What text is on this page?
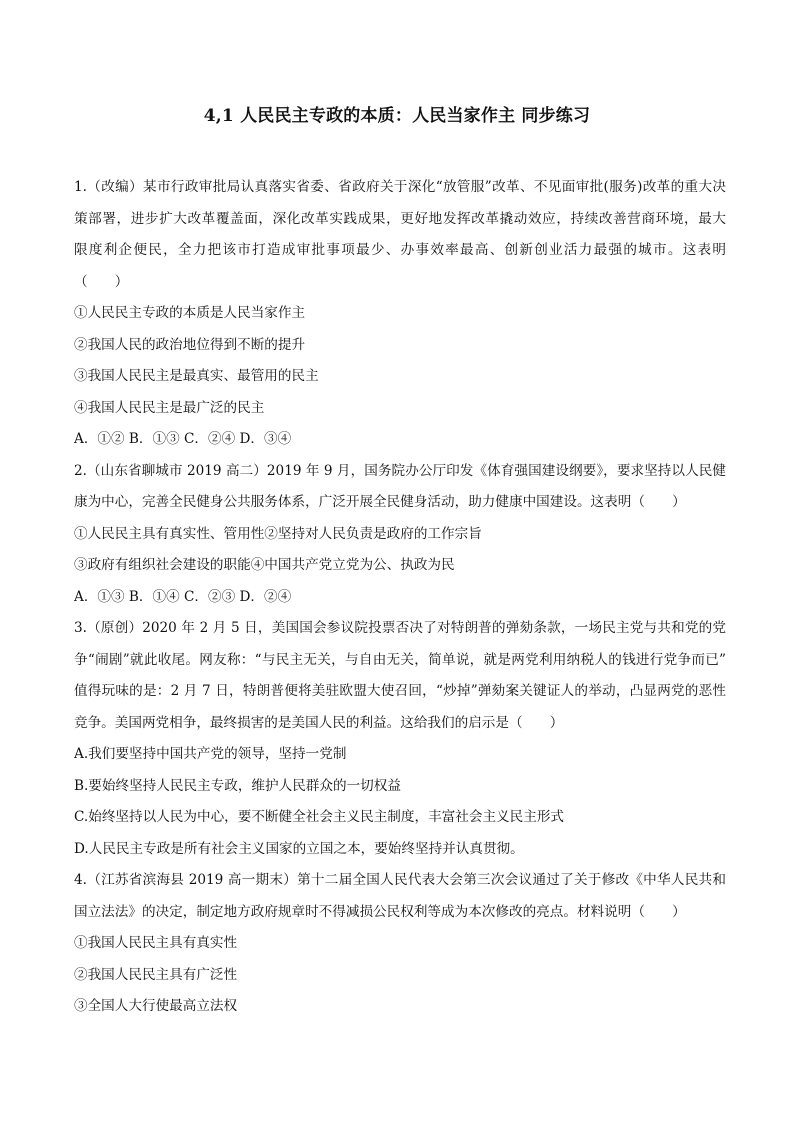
4,1 人民民主专政的本质：人民当家作主 同步练习
1.（改编）某市行政审批局认真落实省委、省政府关于深化“放管服”改革、不见面审批(服务)改革的重大决
策部署，进步扩大改革覆盖面，深化改革实践成果，更好地发挥改革撬动效应，持续改善营商环境，最大
限度利企便民，全力把该市打造成审批事项最少、办事效率最高、创新创业活力最强的城市。这表明
（　　）
①人民民主专政的本质是人民当家作主
②我国人民的政治地位得到不断的提升
③我国人民民主是最真实、最管用的民主
④我国人民民主是最广泛的民主
A．①② B．①③ C．②④ D．③④
2.（山东省聊城市 2019 高二）2019 年 9 月，国务院办公厅印发《体育强国建设纲要》，要求坚持以人民健
康为中心，完善全民健身公共服务体系，广泛开展全民健身活动，助力健康中国建设。这表明（　　）
①人民民主具有真实性、管用性②坚持对人民负责是政府的工作宗旨
③政府有组织社会建设的职能④中国共产党立党为公、执政为民
A．①③ B．①④ C．②③ D．②④
3.（原创）2020 年 2 月 5 日，美国国会参议院投票否决了对特朗普的弹劾条款，一场民主党与共和党的党
争“闹剧”就此收尾。网友称：“与民主无关，与自由无关，简单说，就是两党利用纳税人的钱进行党争而已”
值得玩味的是：2 月 7 日，特朗普便将美驻欧盟大使召回，“炒掉”弹劾案关键证人的举动，凸显两党的恶性
竞争。美国两党相争，最终损害的是美国人民的利益。这给我们的启示是（　　）
A.我们要坚持中国共产党的领导，坚持一党制
B.要始终坚持人民民主专政，维护人民群众的一切权益
C.始终坚持以人民为中心，要不断健全社会主义民主制度，丰富社会主义民主形式
D.人民民主专政是所有社会主义国家的立国之本，要始终坚持并认真贯彻。
4.（江苏省滨海县 2019 高一期末）第十二届全国人民代表大会第三次会议通过了关于修改《中华人民共和
国立法法》的决定，制定地方政府规章时不得减损公民权利等成为本次修改的亮点。材料说明（　　）
①我国人民民主具有真实性
②我国人民民主具有广泛性
③全国人大行使最高立法权
